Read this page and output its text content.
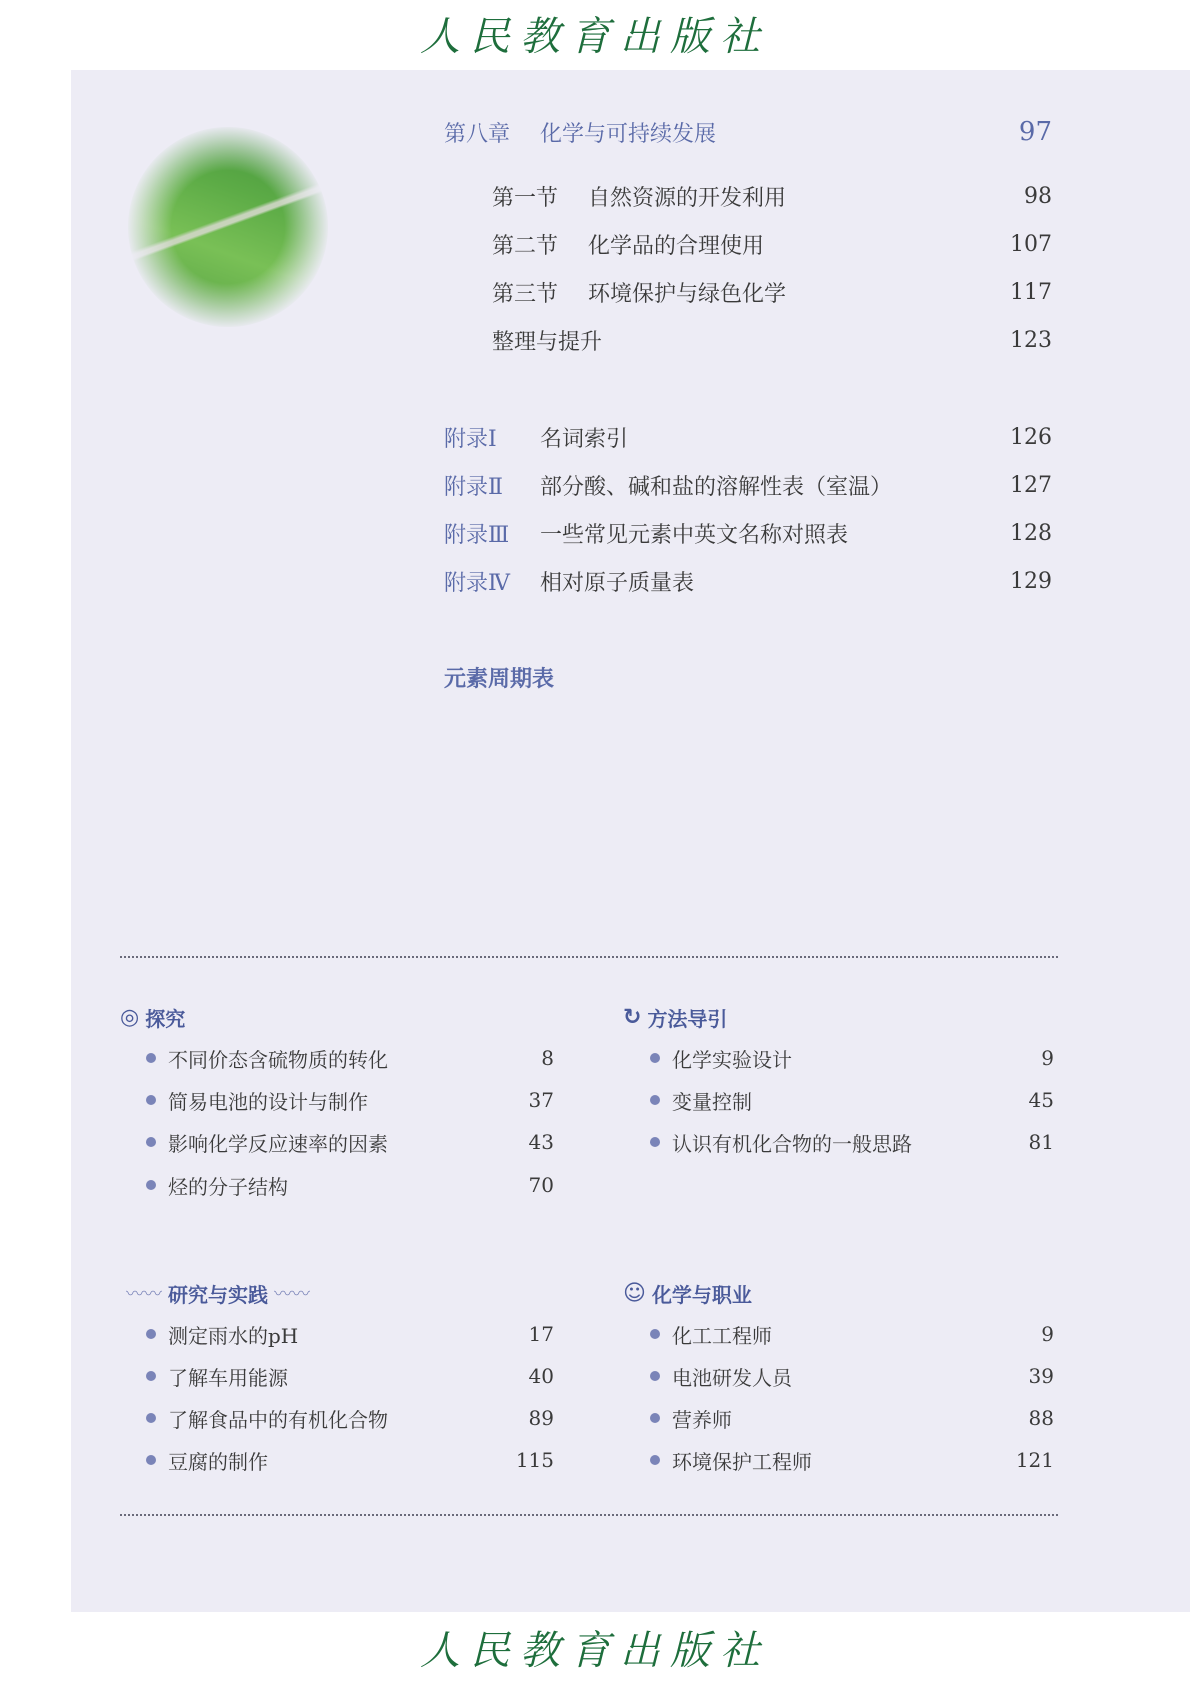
人民教育出版社
第八章	化学与可持续发展	97
第一节	自然资源的开发利用	98
第二节	化学品的合理使用	107
第三节	环境保护与绿色化学	117
整理与提升	123
附录Ⅰ	名词索引	126
附录Ⅱ	部分酸、碱和盐的溶解性表（室温）	127
附录Ⅲ	一些常见元素中英文名称对照表	128
附录Ⅳ	相对原子质量表	129
元素周期表
◎ 探究
不同价态含硫物质的转化	8
简易电池的设计与制作	37
影响化学反应速率的因素	43
烃的分子结构	70
↻ 方法导引
化学实验设计	9
变量控制	45
认识有机化合物的一般思路	81
〰〰 研究与实践 〰〰
测定雨水的pH	17
了解车用能源	40
了解食品中的有机化合物	89
豆腐的制作	115
☺ 化学与职业
化工工程师	9
电池研发人员	39
营养师	88
环境保护工程师	121
人民教育出版社
